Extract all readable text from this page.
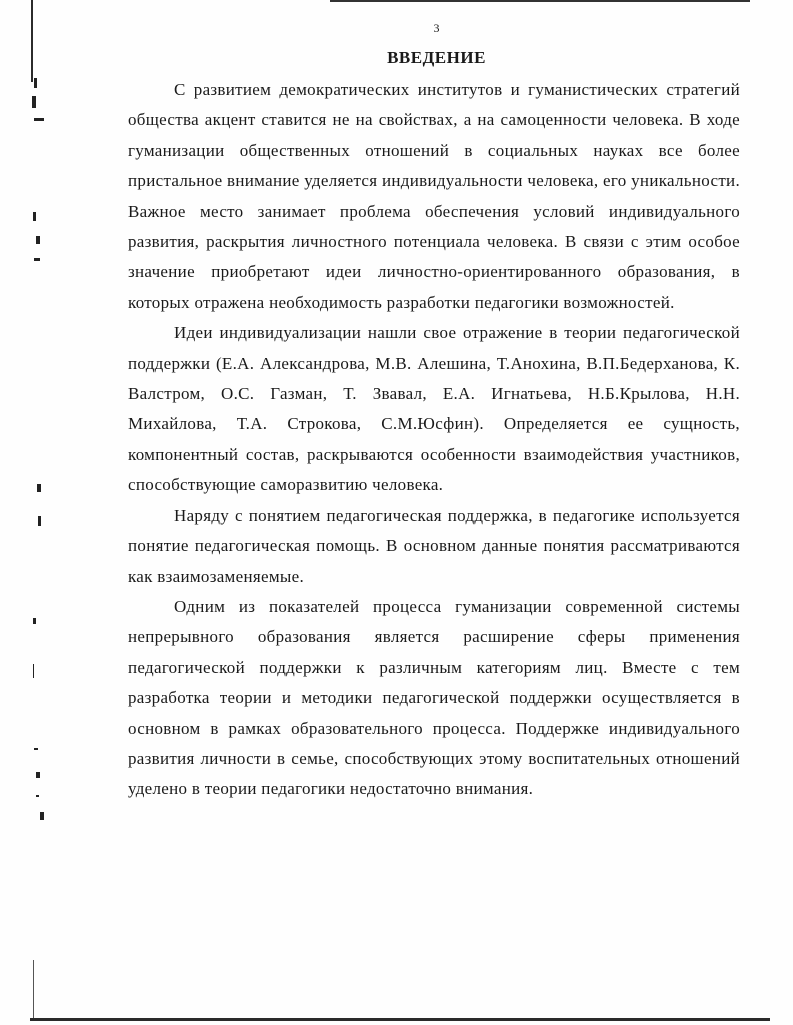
3
ВВЕДЕНИЕ

С развитием демократических институтов и гуманистических стратегий общества акцент ставится не на свойствах, а на самоценности человека. В ходе гуманизации общественных отношений в социальных науках все более пристальное внимание уделяется индивидуальности человека, его уникальности. Важное место занимает проблема обеспечения условий индивидуального развития, раскрытия личностного потенциала человека. В связи с этим особое значение приобретают идеи личностно-ориентированного образования, в которых отражена необходимость разработки педагогики возможностей.

Идеи индивидуализации нашли свое отражение в теории педагогической поддержки (Е.А. Александрова, М.В. Алешина, Т.Анохина, В.П.Бедерханова, К. Валстром, О.С. Газман, Т. Звавал, Е.А. Игнатьева, Н.Б.Крылова, Н.Н. Михайлова, Т.А. Строкова, С.М.Юсфин). Определяется ее сущность, компонентный состав, раскрываются особенности взаимодействия участников, способствующие саморазвитию человека.

Наряду с понятием педагогическая поддержка, в педагогике используется понятие педагогическая помощь. В основном данные понятия рассматриваются как взаимозаменяемые.

Одним из показателей процесса гуманизации современной системы непрерывного образования является расширение сферы применения педагогической поддержки к различным категориям лиц. Вместе с тем разработка теории и методики педагогической поддержки осуществляется в основном в рамках образовательного процесса. Поддержке индивидуального развития личности в семье, способствующих этому воспитательных отношений уделено в теории педагогики недостаточно внимания.
